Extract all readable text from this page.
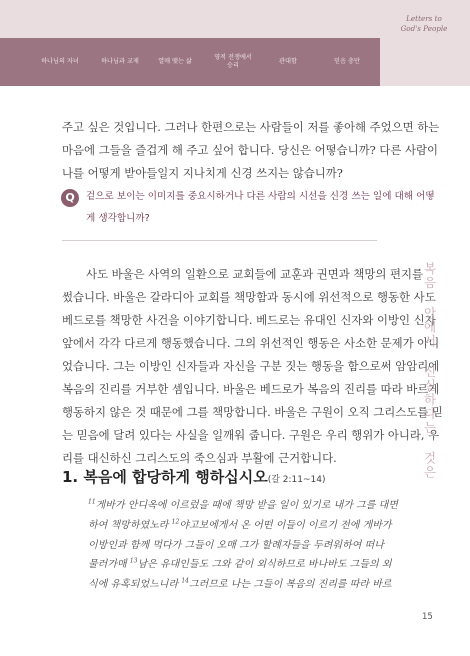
하나님의 자녀	하나님과 교제	열매 맺는 삶
영적 전쟁에서 승리
관대함	믿음 충만
Letters to
God's People
주고 싶은 것입니다. 그러나 한편으로는 사람들이 저를 좋아해 주었으면 하는
마음에 그들을 즐겁게 해 주고 싶어 합니다. 당신은 어떻습니까? 다른 사람이
나를 어떻게 받아들일지 지나치게 신경 쓰지는 않습니까?
Q	겉으로 보이는 이미지를 중요시하거나 다른 사람의 시선을 신경 쓰는 일에 대해 어떻
게 생각합니까?
사도 바울은 사역의 일환으로 교회들에 교훈과 권면과 책망의 편지를
썼습니다. 바울은 갈라디아 교회를 책망함과 동시에 위선적으로 행동한 사도
베드로를 책망한 사건을 이야기합니다. 베드로는 유대인 신자와 이방인 신자
앞에서 각각 다르게 행동했습니다. 그의 위선적인 행동은 사소한 문제가 아니
었습니다. 그는 이방인 신자들과 자신을 구분 짓는 행동을 함으로써 암암리에
복음의 진리를 거부한 셈입니다. 바울은 베드로가 복음의 진리를 따라 바르게
행동하지 않은 것 때문에 그를 책망합니다. 바울은 구원이 오직 그리스도를 믿
는 믿음에 달려 있다는 사실을 일깨워 줍니다. 구원은 우리 행위가 아니라, 우
리를 대신하신 그리스도의 죽으심과 부활에 근거합니다.	복음 안에서 신실하다는 것은
1. 복음에 합당하게 행하십시오(갈 2:11~14)
$^{11}$게바가 안디옥에 이르렀을 때에 책망 받을 일이 있기로 내가 그를 대면
하여 책망하였노라 $^{12}$야고보에게서 온 어떤 이들이 이르기 전에 게바가
이방인과 함께 먹다가 그들이 오매 그가 할례자들을 두려워하여 떠나
물러가매 $^{13}$남은 유대인들도 그와 같이 외식하므로 바나바도 그들의 외
식에 유혹되었느니라 $^{14}$그러므로 나는 그들이 복음의 진리를 따라 바르
15
